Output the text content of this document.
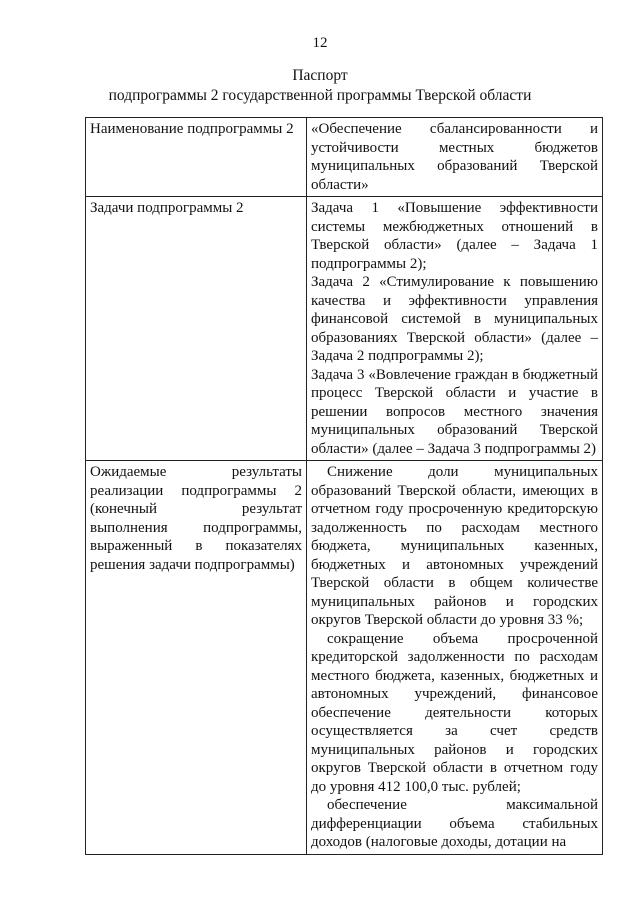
12
Паспорт
подпрограммы 2 государственной программы Тверской области
Наименование подпрограммы 2	«Обеспечение сбалансированности и устойчивости местных бюджетов муниципальных образований Тверской области»

Задачи подпрограммы 2	Задача 1 «Повышение эффективности системы межбюджетных отношений в Тверской области» (далее – Задача 1 подпрограммы 2);

Задача 2 «Стимулирование к повышению качества и эффективности управления финансовой системой в муниципальных образованиях Тверской области» (далее – Задача 2 подпрограммы 2);

Задача 3 «Вовлечение граждан в бюджетный процесс Тверской области и участие в решении вопросов местного значения муниципальных образований Тверской области» (далее – Задача 3 подпрограммы 2)

Ожидаемые результаты реализации подпрограммы 2 (конечный результат выполнения подпрограммы, выраженный в показателях решения задачи подпрограммы)	Снижение доли муниципальных образований Тверской области, имеющих в отчетном году просроченную кредиторскую задолженность по расходам местного бюджета, муниципальных казенных, бюджетных и автономных учреждений Тверской области в общем количестве муниципальных районов и городских округов Тверской области до уровня 33 %;

сокращение объема просроченной кредиторской задолженности по расходам местного бюджета, казенных, бюджетных и автономных учреждений, финансовое обеспечение деятельности которых осуществляется за счет средств муниципальных районов и городских округов Тверской области в отчетном году до уровня 412 100,0 тыс. рублей;

обеспечение максимальной дифференциации объема стабильных доходов (налоговые доходы, дотации на
